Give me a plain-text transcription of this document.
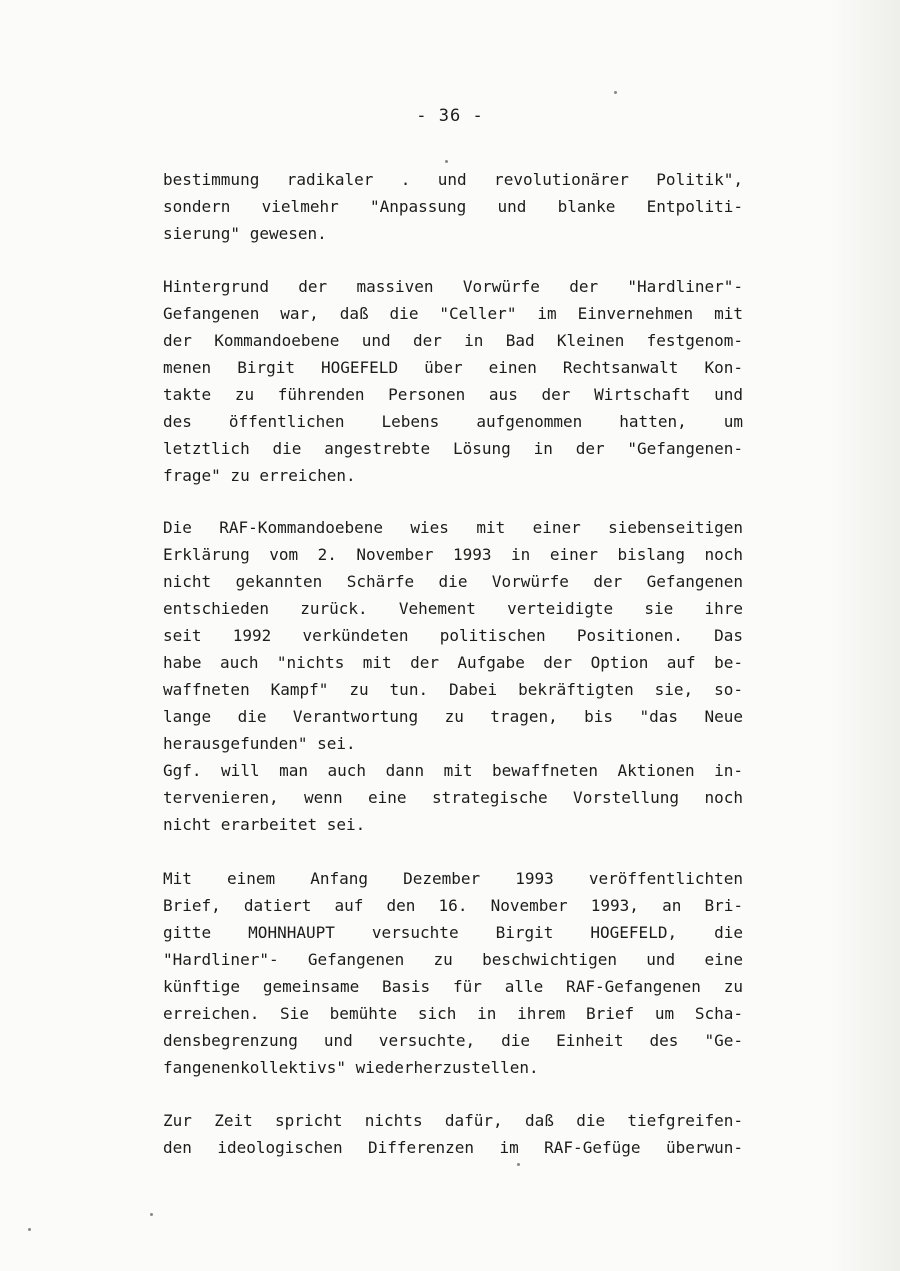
- 36 -
bestimmung radikaler . und revolutionärer Politik",
sondern vielmehr "Anpassung und blanke Entpoliti-
sierung" gewesen.
Hintergrund der massiven Vorwürfe der "Hardliner"-
Gefangenen war, daß die "Celler" im Einvernehmen mit
der Kommandoebene und der in Bad Kleinen festgenom-
menen Birgit HOGEFELD über einen Rechtsanwalt Kon-
takte zu führenden Personen aus der Wirtschaft und
des öffentlichen Lebens aufgenommen hatten, um
letztlich die angestrebte Lösung in der "Gefangenen-
frage" zu erreichen.
Die RAF-Kommandoebene wies mit einer siebenseitigen
Erklärung vom 2. November 1993 in einer bislang noch
nicht gekannten Schärfe die Vorwürfe der Gefangenen
entschieden zurück. Vehement verteidigte sie ihre
seit 1992 verkündeten politischen Positionen. Das
habe auch "nichts mit der Aufgabe der Option auf be-
waffneten Kampf" zu tun. Dabei bekräftigten sie, so-
lange die Verantwortung zu tragen, bis "das Neue
herausgefunden" sei.
Ggf. will man auch dann mit bewaffneten Aktionen in-
tervenieren, wenn eine strategische Vorstellung noch
nicht erarbeitet sei.
Mit einem Anfang Dezember 1993 veröffentlichten
Brief, datiert auf den 16. November 1993, an Bri-
gitte MOHNHAUPT versuchte Birgit HOGEFELD, die
"Hardliner"- Gefangenen zu beschwichtigen und eine
künftige gemeinsame Basis für alle RAF-Gefangenen zu
erreichen. Sie bemühte sich in ihrem Brief um Scha-
densbegrenzung und versuchte, die Einheit des "Ge-
fangenenkollektivs" wiederherzustellen.
Zur Zeit spricht nichts dafür, daß die tiefgreifen-
den ideologischen Differenzen im RAF-Gefüge überwun-
